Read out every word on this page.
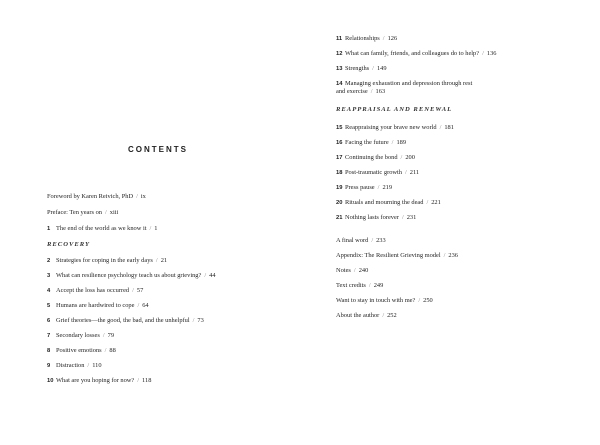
CONTENTS
Foreword by Karen Reivich, PhD / ix
Preface: Ten years on / xiii
1 The end of the world as we know it / 1
RECOVERY
2 Strategies for coping in the early days / 21
3 What can resilience psychology teach us about grieving? / 44
4 Accept the loss has occurred / 57
5 Humans are hardwired to cope / 64
6 Grief theories—the good, the bad, and the unhelpful / 73
7 Secondary losses / 79
8 Positive emotions / 88
9 Distraction / 110
10 What are you hoping for now? / 118
11 Relationships / 126
12 What can family, friends, and colleagues do to help? / 136
13 Strengths / 149
14 Managing exhaustion and depression through rest
and exercise / 163
REAPPRAISAL AND RENEWAL
15 Reappraising your brave new world / 181
16 Facing the future / 189
17 Continuing the bond / 200
18 Post-traumatic growth / 211
19 Press pause / 219
20 Rituals and mourning the dead / 221
21 Nothing lasts forever / 231
A final word / 233
Appendix: The Resilient Grieving model / 236
Notes / 240
Text credits / 249
Want to stay in touch with me? / 250
About the author / 252
